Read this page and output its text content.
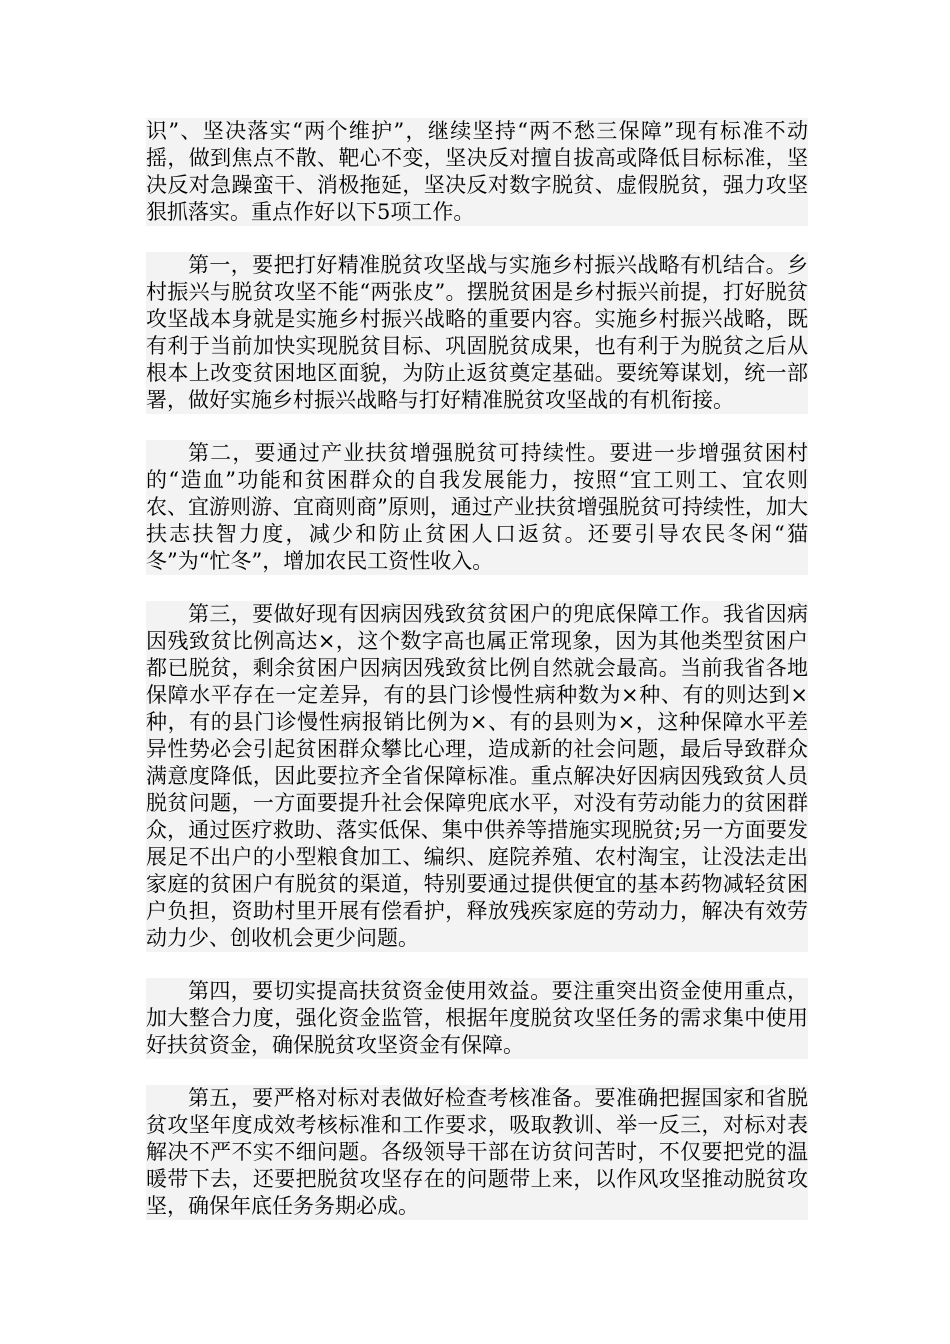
识”、坚决落实“两个维护”，继续坚持“两不愁三保障”现有标准不动摇，做到焦点不散、靶心不变，坚决反对擅自拔高或降低目标标准，坚决反对急躁蛮干、消极拖延，坚决反对数字脱贫、虚假脱贫，强力攻坚狠抓落实。重点作好以下5项工作。

第一，要把打好精准脱贫攻坚战与实施乡村振兴战略有机结合。乡村振兴与脱贫攻坚不能“两张皮”。摆脱贫困是乡村振兴前提，打好脱贫攻坚战本身就是实施乡村振兴战略的重要内容。实施乡村振兴战略，既有利于当前加快实现脱贫目标、巩固脱贫成果，也有利于为脱贫之后从根本上改变贫困地区面貌，为防止返贫奠定基础。要统筹谋划，统一部署，做好实施乡村振兴战略与打好精准脱贫攻坚战的有机衔接。

第二，要通过产业扶贫增强脱贫可持续性。要进一步增强贫困村的“造血”功能和贫困群众的自我发展能力，按照“宜工则工、宜农则农、宜游则游、宜商则商”原则，通过产业扶贫增强脱贫可持续性，加大扶志扶智力度，减少和防止贫困人口返贫。还要引导农民冬闲“猫冬”为“忙冬”，增加农民工资性收入。

第三，要做好现有因病因残致贫贫困户的兜底保障工作。我省因病因残致贫比例高达×，这个数字高也属正常现象，因为其他类型贫困户都已脱贫，剩余贫困户因病因残致贫比例自然就会最高。当前我省各地保障水平存在一定差异，有的县门诊慢性病种数为×种、有的则达到×种，有的县门诊慢性病报销比例为×、有的县则为×，这种保障水平差异性势必会引起贫困群众攀比心理，造成新的社会问题，最后导致群众满意度降低，因此要拉齐全省保障标准。重点解决好因病因残致贫人员脱贫问题，一方面要提升社会保障兜底水平，对没有劳动能力的贫困群众，通过医疗救助、落实低保、集中供养等措施实现脱贫;另一方面要发展足不出户的小型粮食加工、编织、庭院养殖、农村淘宝，让没法走出家庭的贫困户有脱贫的渠道，特别要通过提供便宜的基本药物减轻贫困户负担，资助村里开展有偿看护，释放残疾家庭的劳动力，解决有效劳动力少、创收机会更少问题。

第四，要切实提高扶贫资金使用效益。要注重突出资金使用重点，加大整合力度，强化资金监管，根据年度脱贫攻坚任务的需求集中使用好扶贫资金，确保脱贫攻坚资金有保障。

第五，要严格对标对表做好检查考核准备。要准确把握国家和省脱贫攻坚年度成效考核标准和工作要求，吸取教训、举一反三，对标对表解决不严不实不细问题。各级领导干部在访贫问苦时，不仅要把党的温暖带下去，还要把脱贫攻坚存在的问题带上来，以作风攻坚推动脱贫攻坚，确保年底任务务期必成。
